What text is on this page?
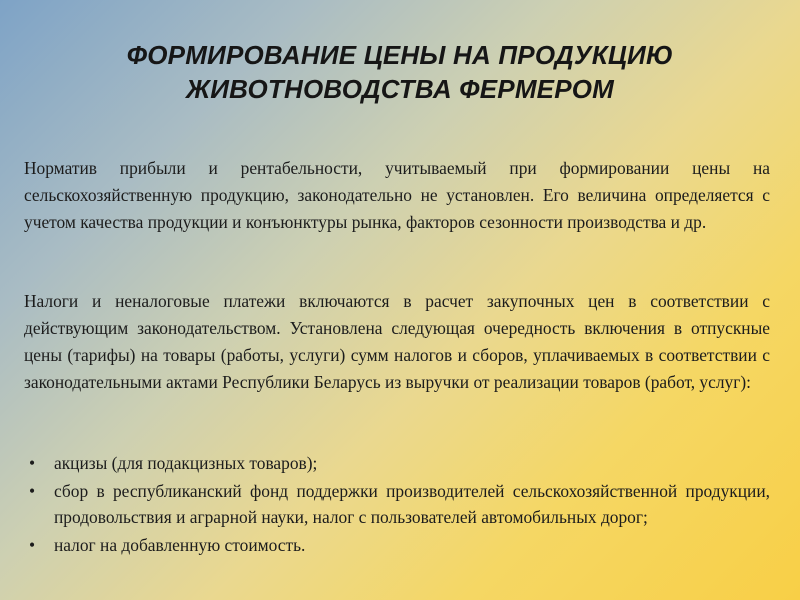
ФОРМИРОВАНИЕ ЦЕНЫ НА ПРОДУКЦИЮ
ЖИВОТНОВОДСТВА ФЕРМЕРОМ

Норматив прибыли и рентабельности, учитываемый при формировании цены на сельскохозяйственную продукцию, законодательно не установлен. Его величина определяется с учетом качества продукции и конъюнктуры рынка, факторов сезонности производства и др.

Налоги и неналоговые платежи включаются в расчет закупочных цен в соответствии с действующим законодательством. Установлена следующая очередность включения в отпускные цены (тарифы) на товары (работы, услуги) сумм налогов и сборов, уплачиваемых в соответствии с законодательными актами Республики Беларусь из выручки от реализации товаров (работ, услуг):

• акцизы (для подакцизных товаров);
• сбор в республиканский фонд поддержки производителей сельскохозяйственной продукции, продовольствия и аграрной науки, налог с пользователей автомобильных дорог;
• налог на добавленную стоимость.
